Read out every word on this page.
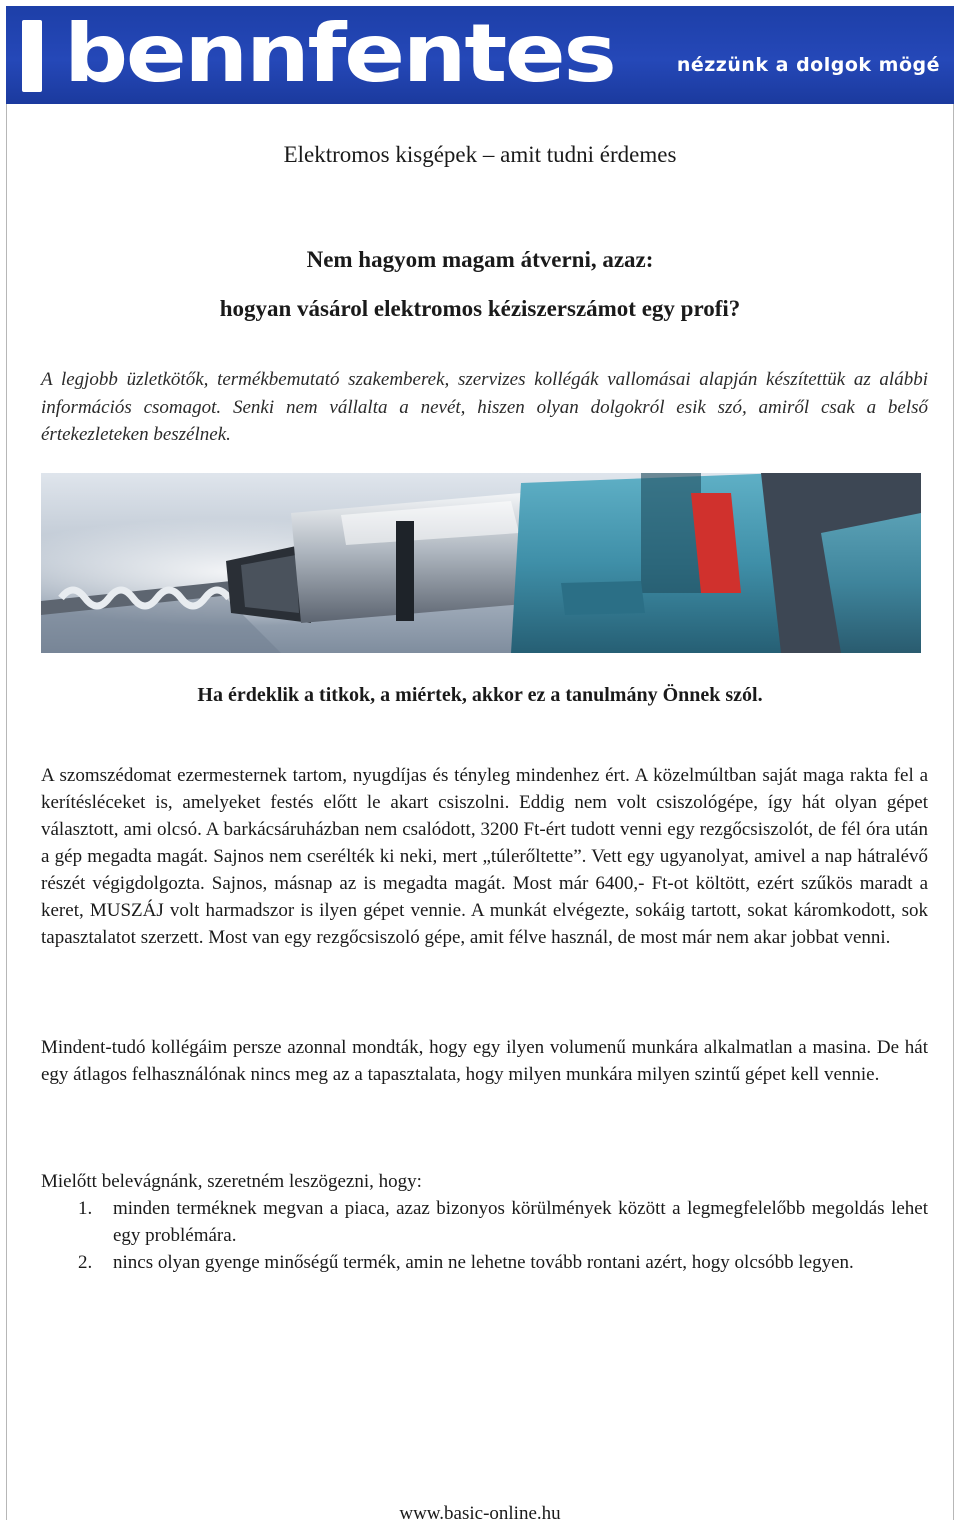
bennfentes	nézzünk a dolgok mögé

Elektromos kisgépek – amit tudni érdemes

Nem hagyom magam átverni, azaz:

hogyan vásárol elektromos kéziszerszámot egy profi?

A legjobb üzletkötők, termékbemutató szakemberek, szervizes kollégák vallomásai alapján készítettük az alábbi információs csomagot. Senki nem vállalta a nevét, hiszen olyan dolgokról esik szó, amiről csak a belső értekezleteken beszélnek.

Ha érdeklik a titkok, a miértek, akkor ez a tanulmány Önnek szól.

A szomszédomat ezermesternek tartom, nyugdíjas és tényleg mindenhez ért. A közelmúltban saját maga rakta fel a kerítésléceket is, amelyeket festés előtt le akart csiszolni. Eddig nem volt csiszológépe, így hát olyan gépet választott, ami olcsó. A barkácsáruházban nem csalódott, 3200 Ft-ért tudott venni egy rezgőcsiszolót, de fél óra után a gép megadta magát. Sajnos nem cserélték ki neki, mert „túlerőltette”. Vett egy ugyanolyat, amivel a nap hátralévő részét végigdolgozta. Sajnos, másnap az is megadta magát. Most már 6400,- Ft-ot költött, ezért szűkös maradt a keret, MUSZÁJ volt harmadszor is ilyen gépet vennie. A munkát elvégezte, sokáig tartott, sokat káromkodott, sok tapasztalatot szerzett. Most van egy rezgőcsiszoló gépe, amit félve használ, de most már nem akar jobbat venni.

Mindent-tudó kollégáim persze azonnal mondták, hogy egy ilyen volumenű munkára alkalmatlan a masina. De hát egy átlagos felhasználónak nincs meg az a tapasztalata, hogy milyen munkára milyen szintű gépet kell vennie.

Mielőtt belevágnánk, szeretném leszögezni, hogy:

1. minden terméknek megvan a piaca, azaz bizonyos körülmények között a legmegfelelőbb megoldás lehet egy problémára.
2. nincs olyan gyenge minőségű termék, amin ne lehetne tovább rontani azért, hogy olcsóbb legyen.

www.basic-online.hu
